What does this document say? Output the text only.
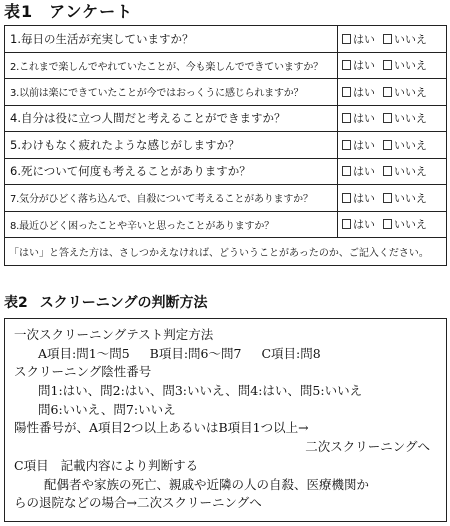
表1 アンケート
1.毎日の生活が充実していますか？	はい いいえ

2.これまで楽しんでやれていたことが、今も楽しんでできていますか？	はい いいえ

3.以前は楽にできていたことが今ではおっくうに感じられますか？	はい いいえ

4.自分は役に立つ人間だと考えることができますか？	はい いいえ

5.わけもなく疲れたような感じがしますか？	はい いいえ

6.死について何度も考えることがありますか？	はい いいえ

7.気分がひどく落ち込んで、自殺について考えることがありますか？	はい いいえ

8.最近ひどく困ったことや辛いと思ったことがありますか？	はい いいえ

「はい」と答えた方は、さしつかえなければ、どういうことがあったのか、ご記入ください。	
表2 スクリーニングの判断方法
一次スクリーニングテスト判定方法
A項目:問1～問5 B項目:問6～問7 C項目:問8
スクリーニング陰性番号
問1:はい、問2:はい、問3:いいえ、問4:はい、問5:いいえ
問6:いいえ、問7:いいえ
陽性番号が、A項目2つ以上あるいはB項目1つ以上→
二次スクリーニングへ
C項目 記載内容により判断する
配偶者や家族の死亡、親戚や近隣の人の自殺、医療機関か
らの退院などの場合→二次スクリーニングへ
